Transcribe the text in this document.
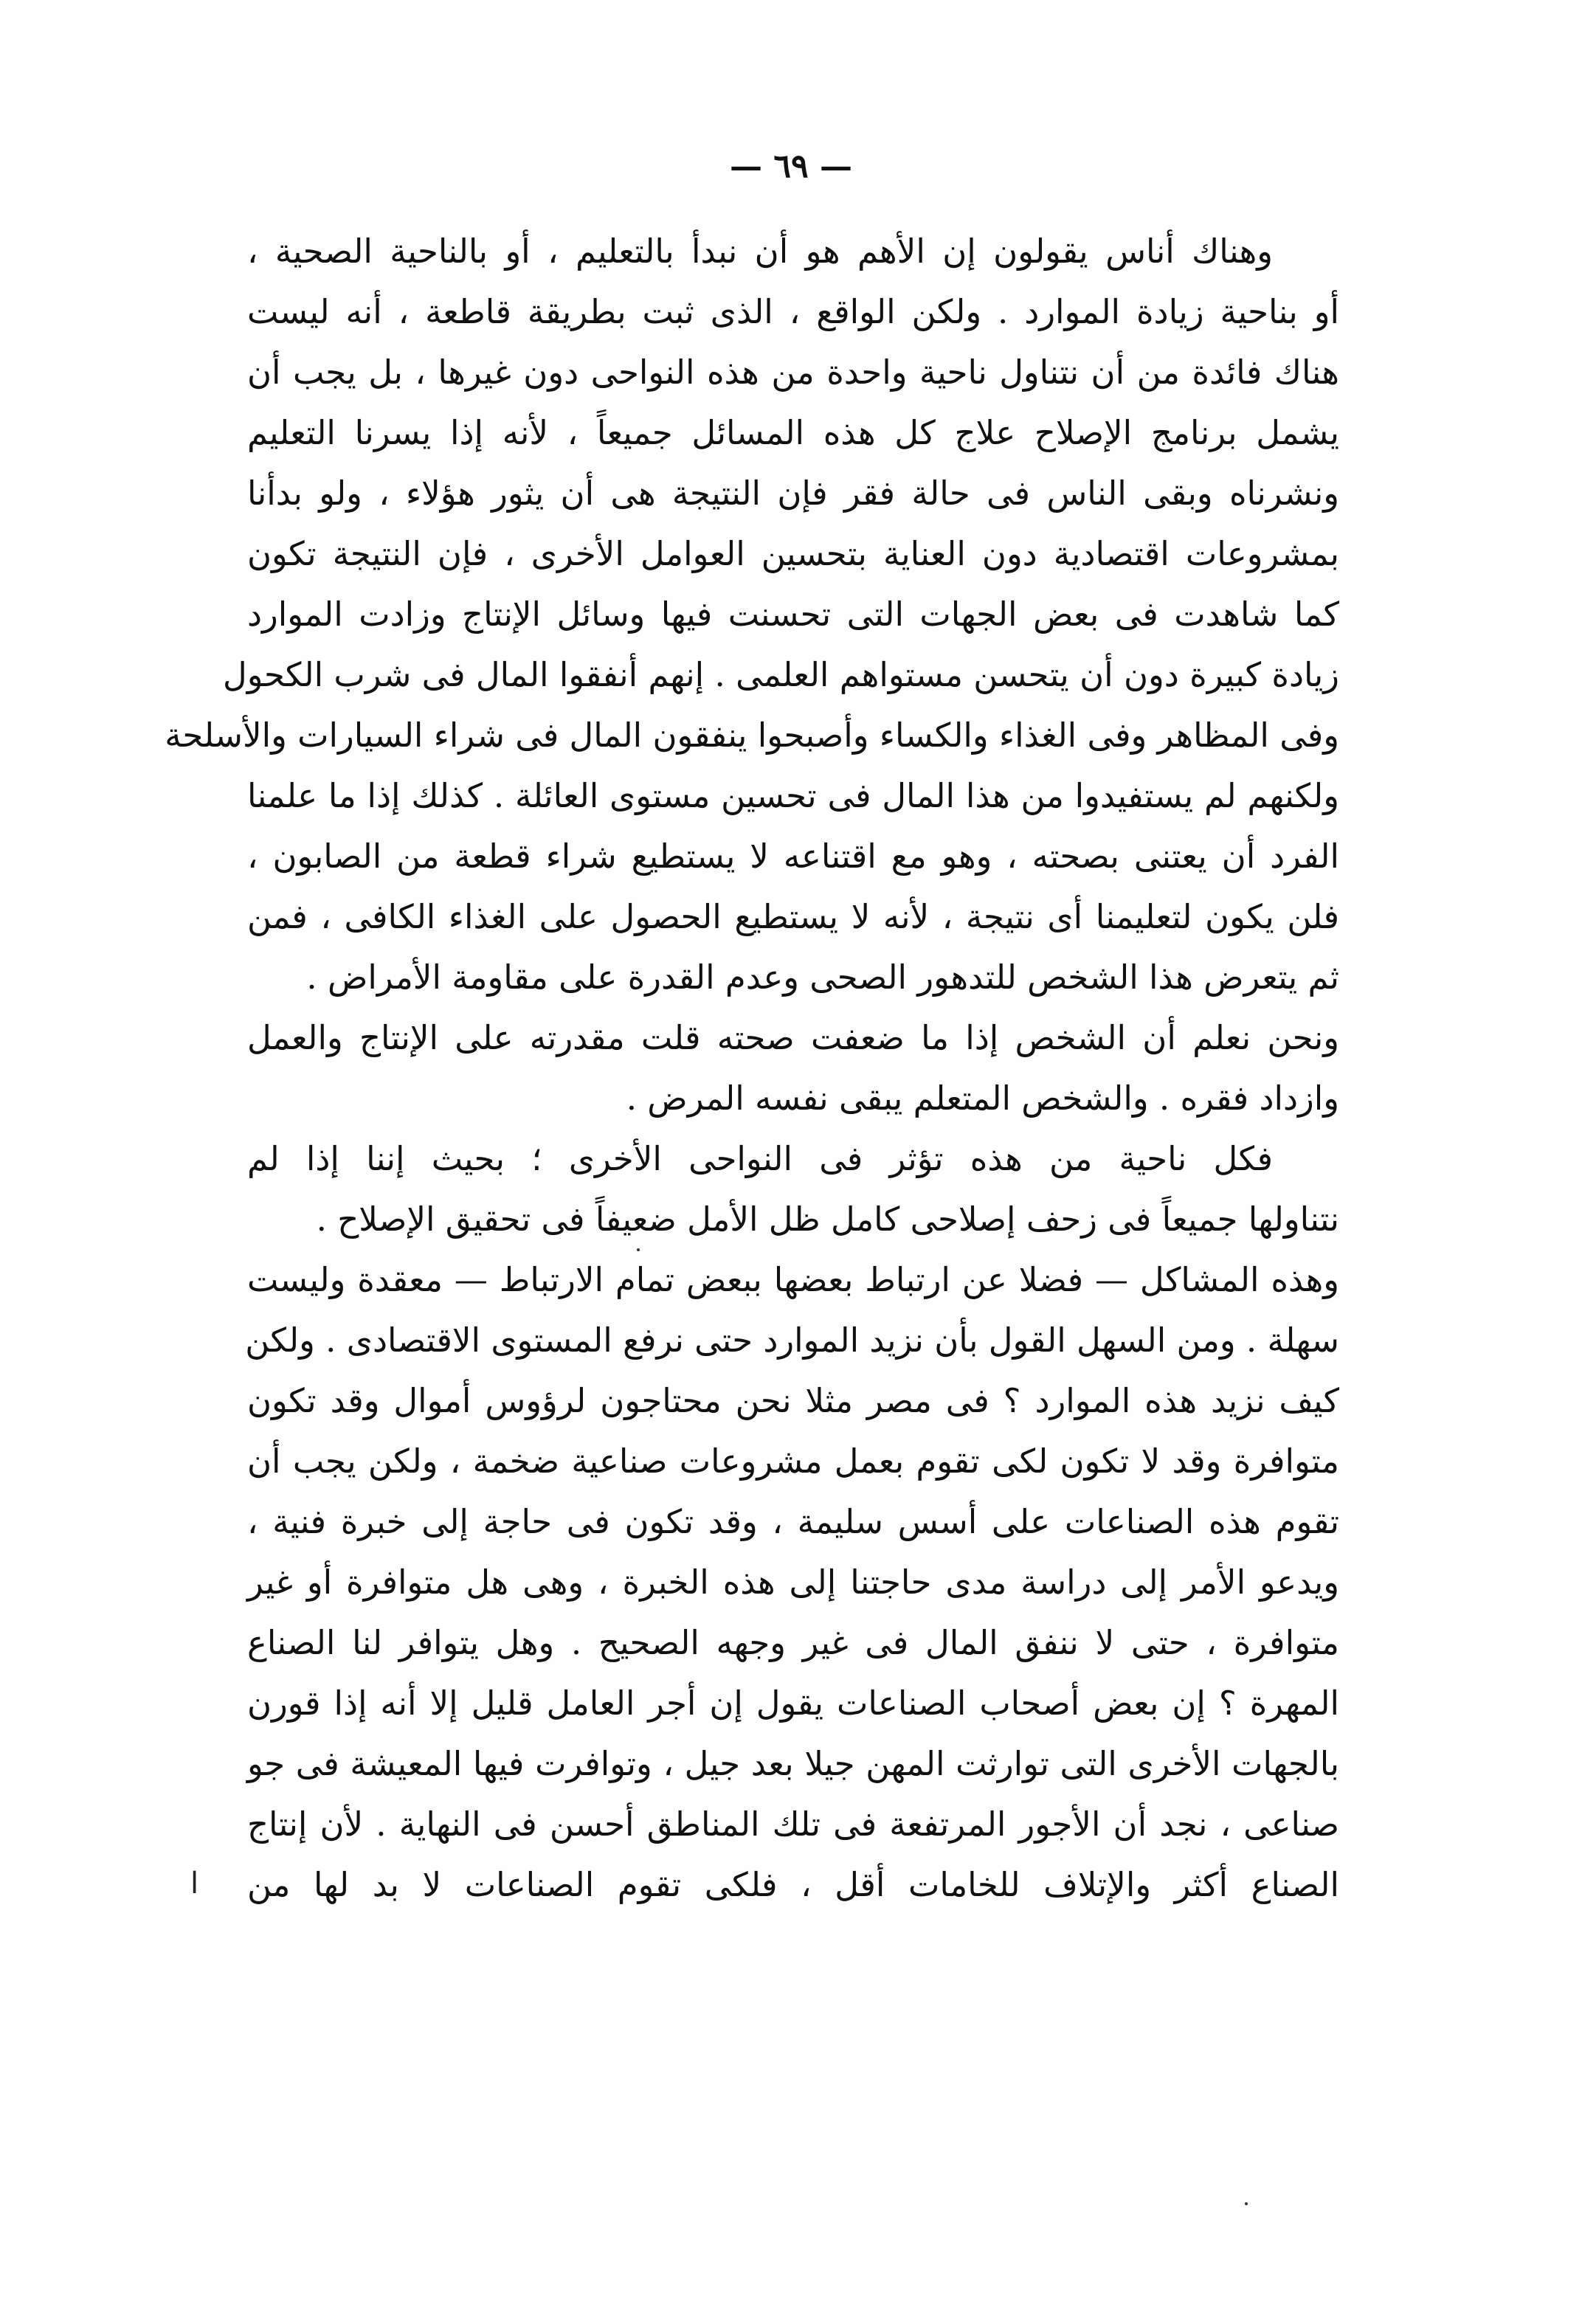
— ٦٩ —
وهناك أناس يقولون إن الأهم هو أن نبدأ بالتعليم ، أو بالناحية الصحية ،
أو بناحية زيادة الموارد . ولكن الواقع ، الذى ثبت بطريقة قاطعة ، أنه ليست
هناك فائدة من أن نتناول ناحية واحدة من هذه النواحى دون غيرها ، بل يجب أن
يشمل برنامج الإصلاح علاج كل هذه المسائل جميعاً ، لأنه إذا يسرنا التعليم
ونشرناه وبقى الناس فى حالة فقر فإن النتيجة هى أن يثور هؤلاء ، ولو بدأنا
بمشروعات اقتصادية دون العناية بتحسين العوامل الأخرى ، فإن النتيجة تكون
كما شاهدت فى بعض الجهات التى تحسنت فيها وسائل الإنتاج وزادت الموارد
زيادة كبيرة دون أن يتحسن مستواهم العلمى . إنهم أنفقوا المال فى شرب الكحول
وفى المظاهر وفى الغذاء والكساء وأصبحوا ينفقون المال فى شراء السيارات والأسلحة
ولكنهم لم يستفيدوا من هذا المال فى تحسين مستوى العائلة . كذلك إذا ما علمنا
الفرد أن يعتنى بصحته ، وهو مع اقتناعه لا يستطيع شراء قطعة من الصابون ،
فلن يكون لتعليمنا أى نتيجة ، لأنه لا يستطيع الحصول على الغذاء الكافى ، فمن
ثم يتعرض هذا الشخص للتدهور الصحى وعدم القدرة على مقاومة الأمراض .
ونحن نعلم أن الشخص إذا ما ضعفت صحته قلت مقدرته على الإنتاج والعمل
وازداد فقره . والشخص المتعلم يبقى نفسه المرض .
فكل ناحية من هذه تؤثر فى النواحى الأخرى ؛ بحيث إننا إذا لم
نتناولها جميعاً فى زحف إصلاحى كامل ظل الأمل ضعيفاً فى تحقيق الإصلاح .
وهذه المشاكل — فضلا عن ارتباط بعضها ببعض تمام الارتباط — معقدة وليست
سهلة . ومن السهل القول بأن نزيد الموارد حتى نرفع المستوى الاقتصادى . ولكن
كيف نزيد هذه الموارد ؟ فى مصر مثلا نحن محتاجون لرؤوس أموال وقد تكون
متوافرة وقد لا تكون لكى تقوم بعمل مشروعات صناعية ضخمة ، ولكن يجب أن
تقوم هذه الصناعات على أسس سليمة ، وقد تكون فى حاجة إلى خبرة فنية ،
ويدعو الأمر إلى دراسة مدى حاجتنا إلى هذه الخبرة ، وهى هل متوافرة أو غير
متوافرة ، حتى لا ننفق المال فى غير وجهه الصحيح . وهل يتوافر لنا الصناع
المهرة ؟ إن بعض أصحاب الصناعات يقول إن أجر العامل قليل إلا أنه إذا قورن
بالجهات الأخرى التى توارثت المهن جيلا بعد جيل ، وتوافرت فيها المعيشة فى جو
صناعى ، نجد أن الأجور المرتفعة فى تلك المناطق أحسن فى النهاية . لأن إنتاج
الصناع أكثر والإتلاف للخامات أقل ، فلكى تقوم الصناعات لا بد لها من
ا
